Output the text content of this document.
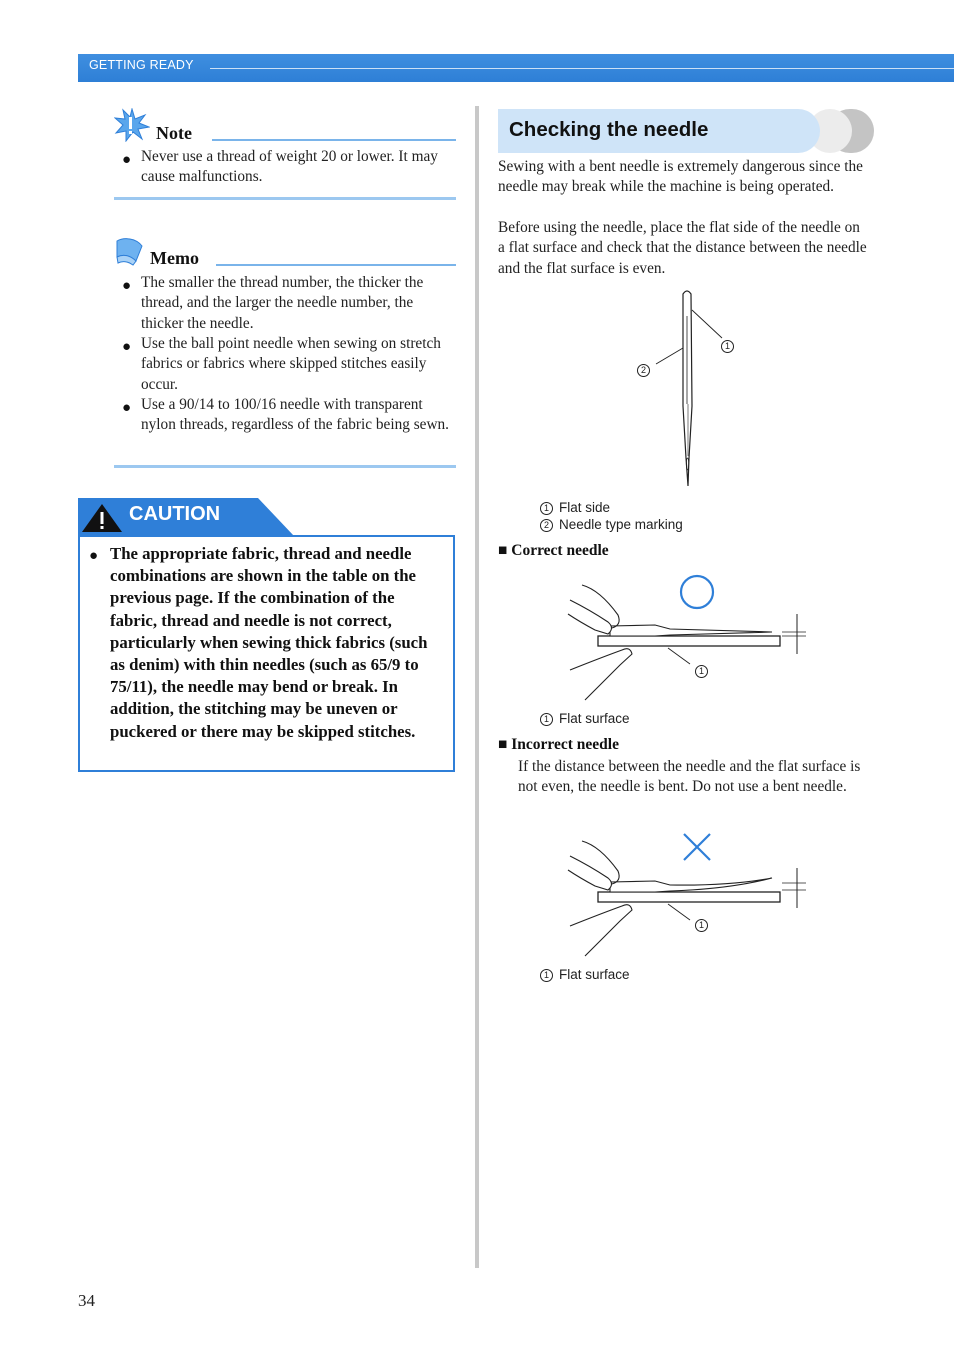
GETTING READY
Note
● Never use a thread of weight 20 or lower. It may cause malfunctions.
Memo
● The smaller the thread number, the thicker the thread, and the larger the needle number, the thicker the needle.
● Use the ball point needle when sewing on stretch fabrics or fabrics where skipped stitches easily occur.
● Use a 90/14 to 100/16 needle with transparent nylon threads, regardless of the fabric being sewn.
CAUTION
● The appropriate fabric, thread and needle combinations are shown in the table on the previous page. If the combination of the fabric, thread and needle is not correct, particularly when sewing thick fabrics (such as denim) with thin needles (such as 65/9 to 75/11), the needle may bend or break. In addition, the stitching may be uneven or puckered or there may be skipped stitches.
Checking the needle
Sewing with a bent needle is extremely dangerous since the needle may break while the machine is being operated.
Before using the needle, place the flat side of the needle on a flat surface and check that the distance between the needle and the flat surface is even.
1
2
1 Flat side
2 Needle type marking
■ Correct needle
1
1 Flat surface
■ Incorrect needle
If the distance between the needle and the flat surface is not even, the needle is bent. Do not use a bent needle.
1
1 Flat surface
34
